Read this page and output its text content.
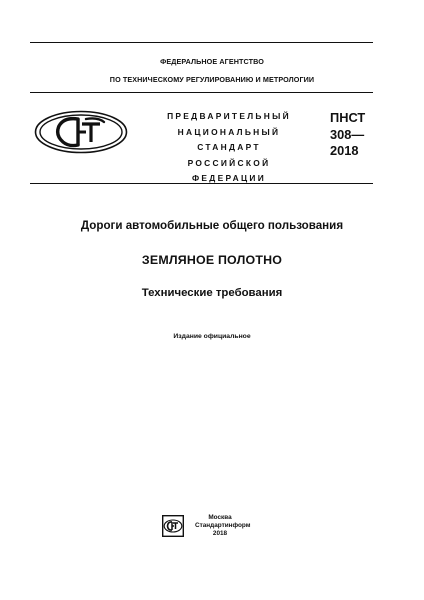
ФЕДЕРАЛЬНОЕ АГЕНТСТВО
ПО ТЕХНИЧЕСКОМУ РЕГУЛИРОВАНИЮ И МЕТРОЛОГИИ
ПРЕДВАРИТЕЛЬНЫЙ
НАЦИОНАЛЬНЫЙ
СТАНДАРТ
РОССИЙСКОЙ
ФЕДЕРАЦИИ
ПНСТ
308—
2018
Дороги автомобильные общего пользования
ЗЕМЛЯНОЕ ПОЛОТНО
Технические требования
Издание официальное
Москва
Стандартинформ
2018
